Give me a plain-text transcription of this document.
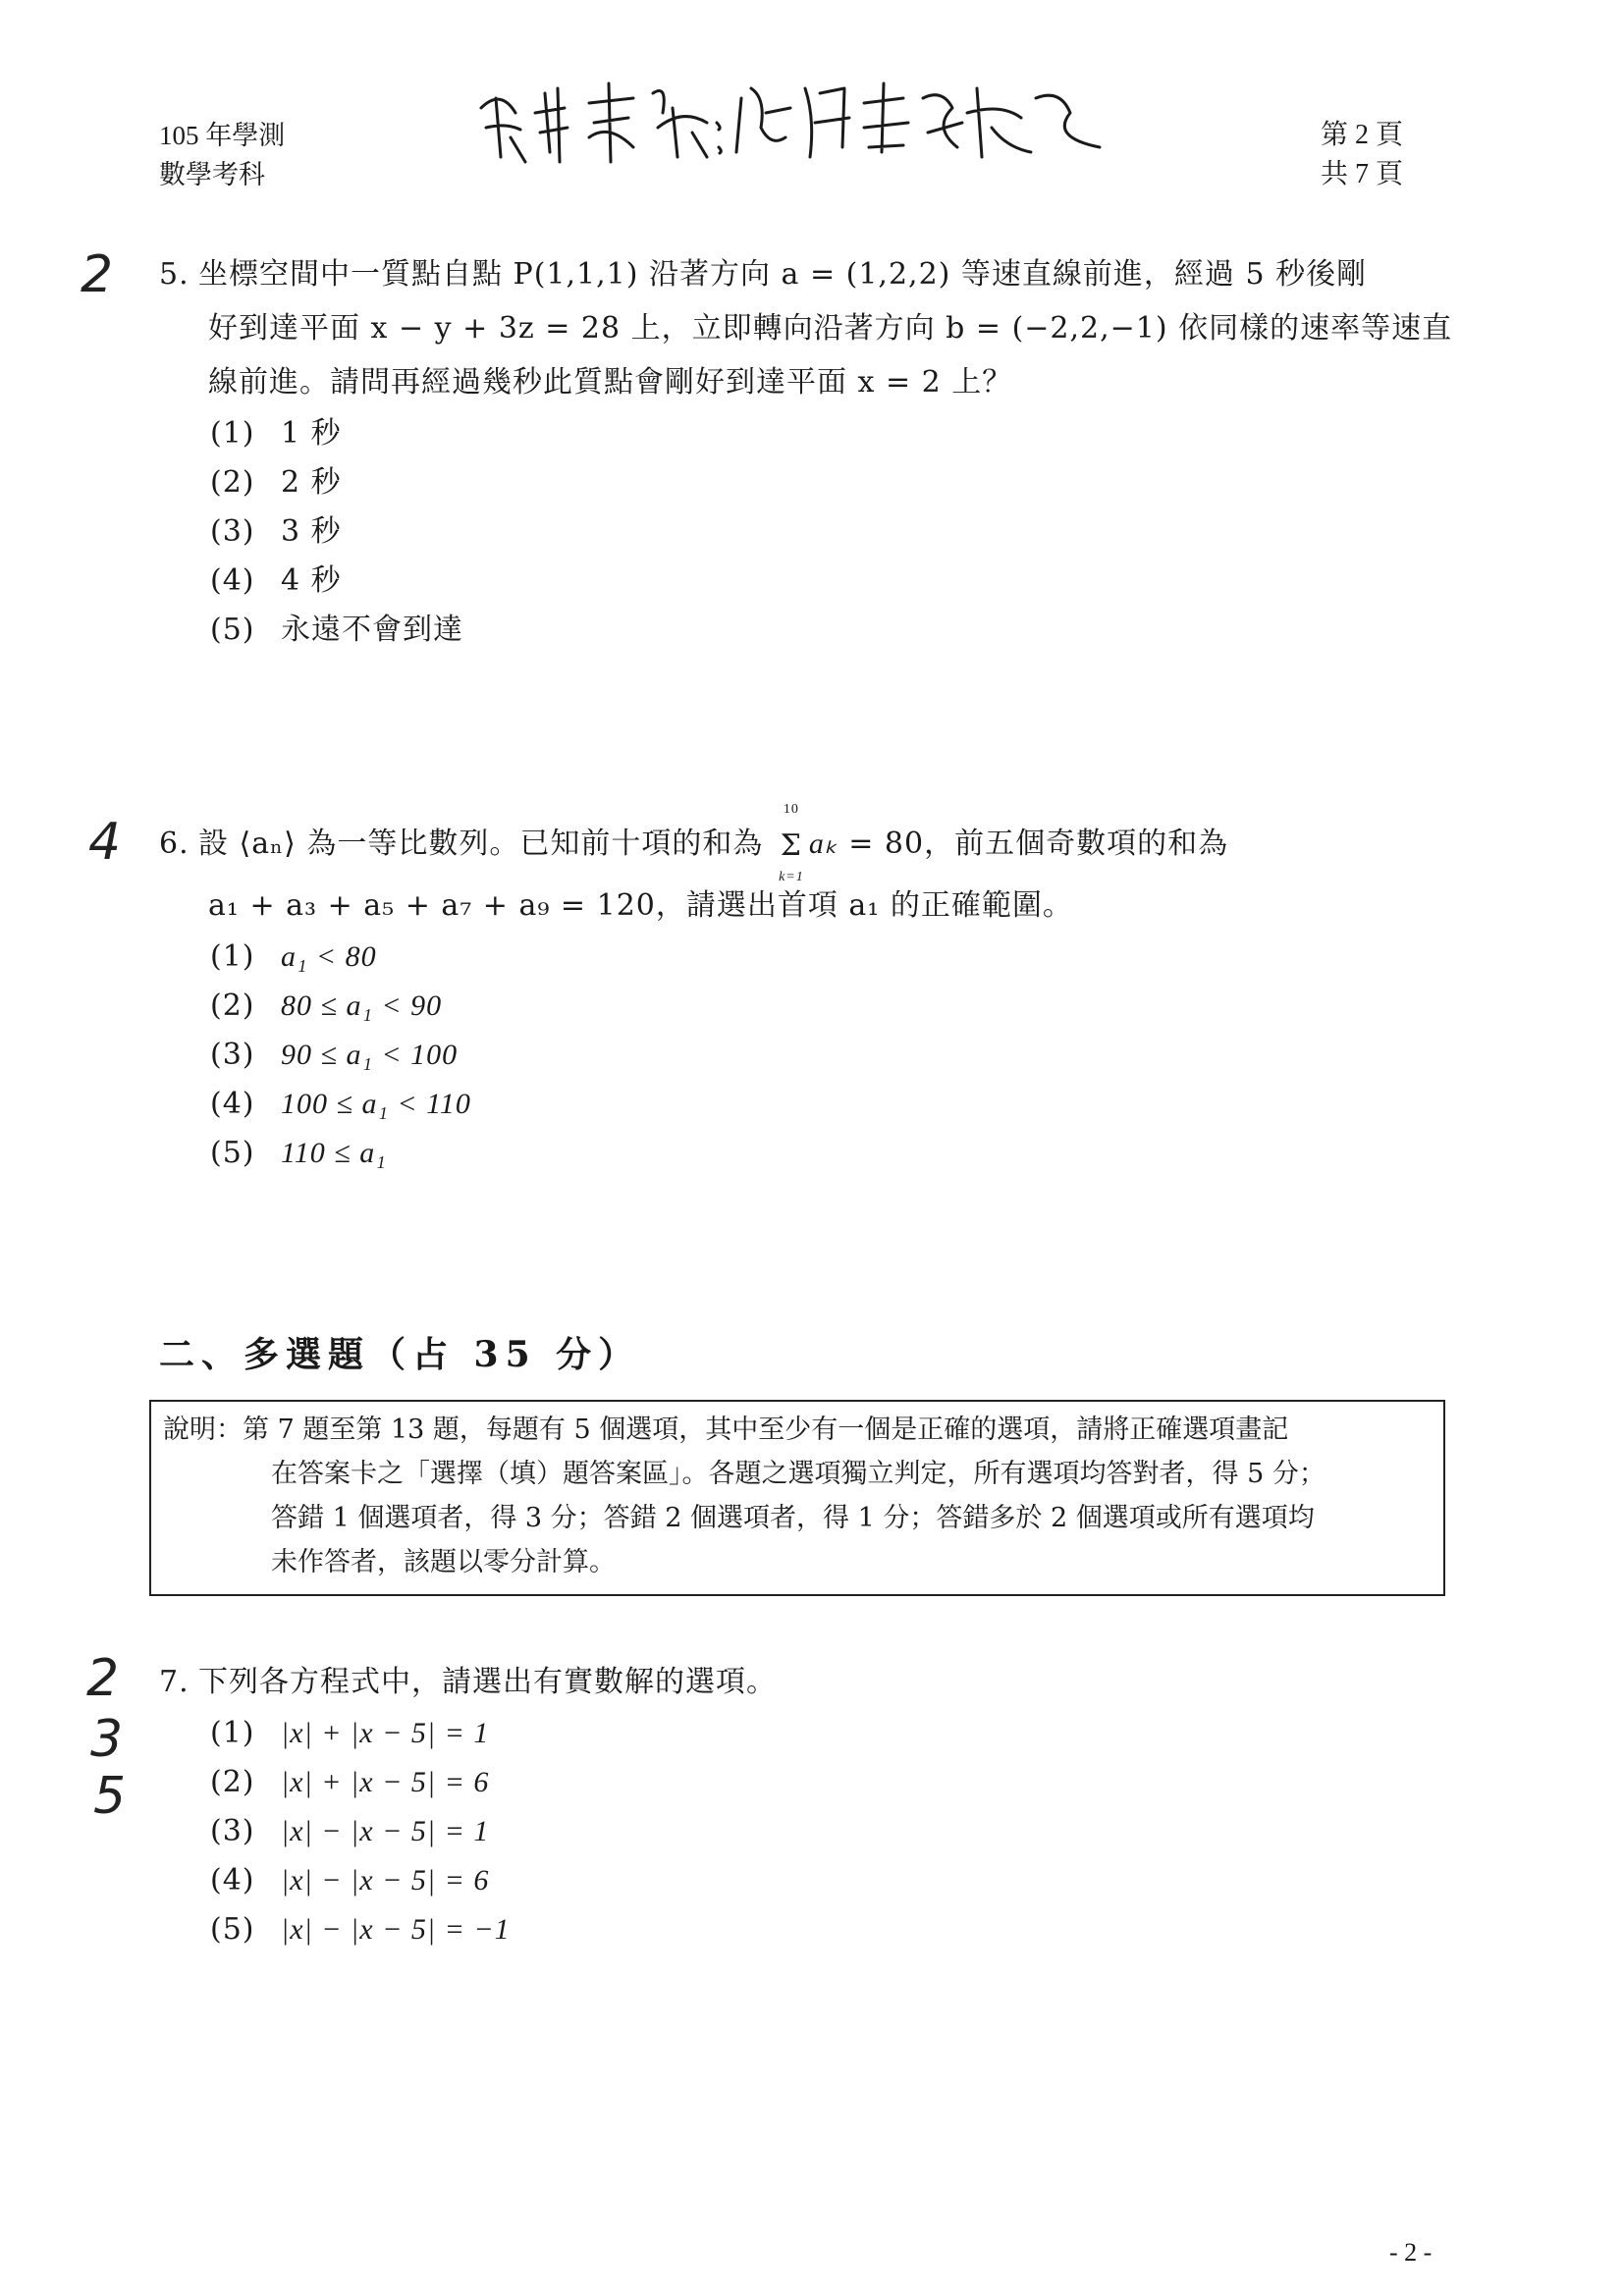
105 年學測
數學考科
資料來源：得勝者文教
第 2 頁
共 7 頁
2 5. 坐標空間中一質點自點 P(1,1,1) 沿著方向 a = (1,2,2) 等速直線前進，經過 5 秒後剛
好到達平面 x − y + 3z = 28 上，立即轉向沿著方向 b = (−2,2,−1) 依同樣的速率等速直
線前進。請問再經過幾秒此質點會剛好到達平面 x = 2 上？
(1) 1 秒
(2) 2 秒
(3) 3 秒
(4) 4 秒
(5) 永遠不會到達
4 6. 設 ⟨aₙ⟩ 為一等比數列。已知前十項的和為
10
Σ
k=1
aₖ = 80，前五個奇數項的和為
a₁ + a₃ + a₅ + a₇ + a₉ = 120，請選出首項 a₁ 的正確範圍。
(1) a₁ < 80
(2) 80 ≤ a₁ < 90
(3) 90 ≤ a₁ < 100
(4) 100 ≤ a₁ < 110
(5) 110 ≤ a₁
二、多選題（占 35 分）
說明：第 7 題至第 13 題，每題有 5 個選項，其中至少有一個是正確的選項，請將正確選項畫記
在答案卡之「選擇（填）題答案區」。各題之選項獨立判定，所有選項均答對者，得 5 分；
答錯 1 個選項者，得 3 分；答錯 2 個選項者，得 1 分；答錯多於 2 個選項或所有選項均
未作答者，該題以零分計算。
2
3
5
7. 下列各方程式中，請選出有實數解的選項。
(1) |x| + |x − 5| = 1
(2) |x| + |x − 5| = 6
(3) |x| − |x − 5| = 1
(4) |x| − |x − 5| = 6
(5) |x| − |x − 5| = −1
- 2 -
